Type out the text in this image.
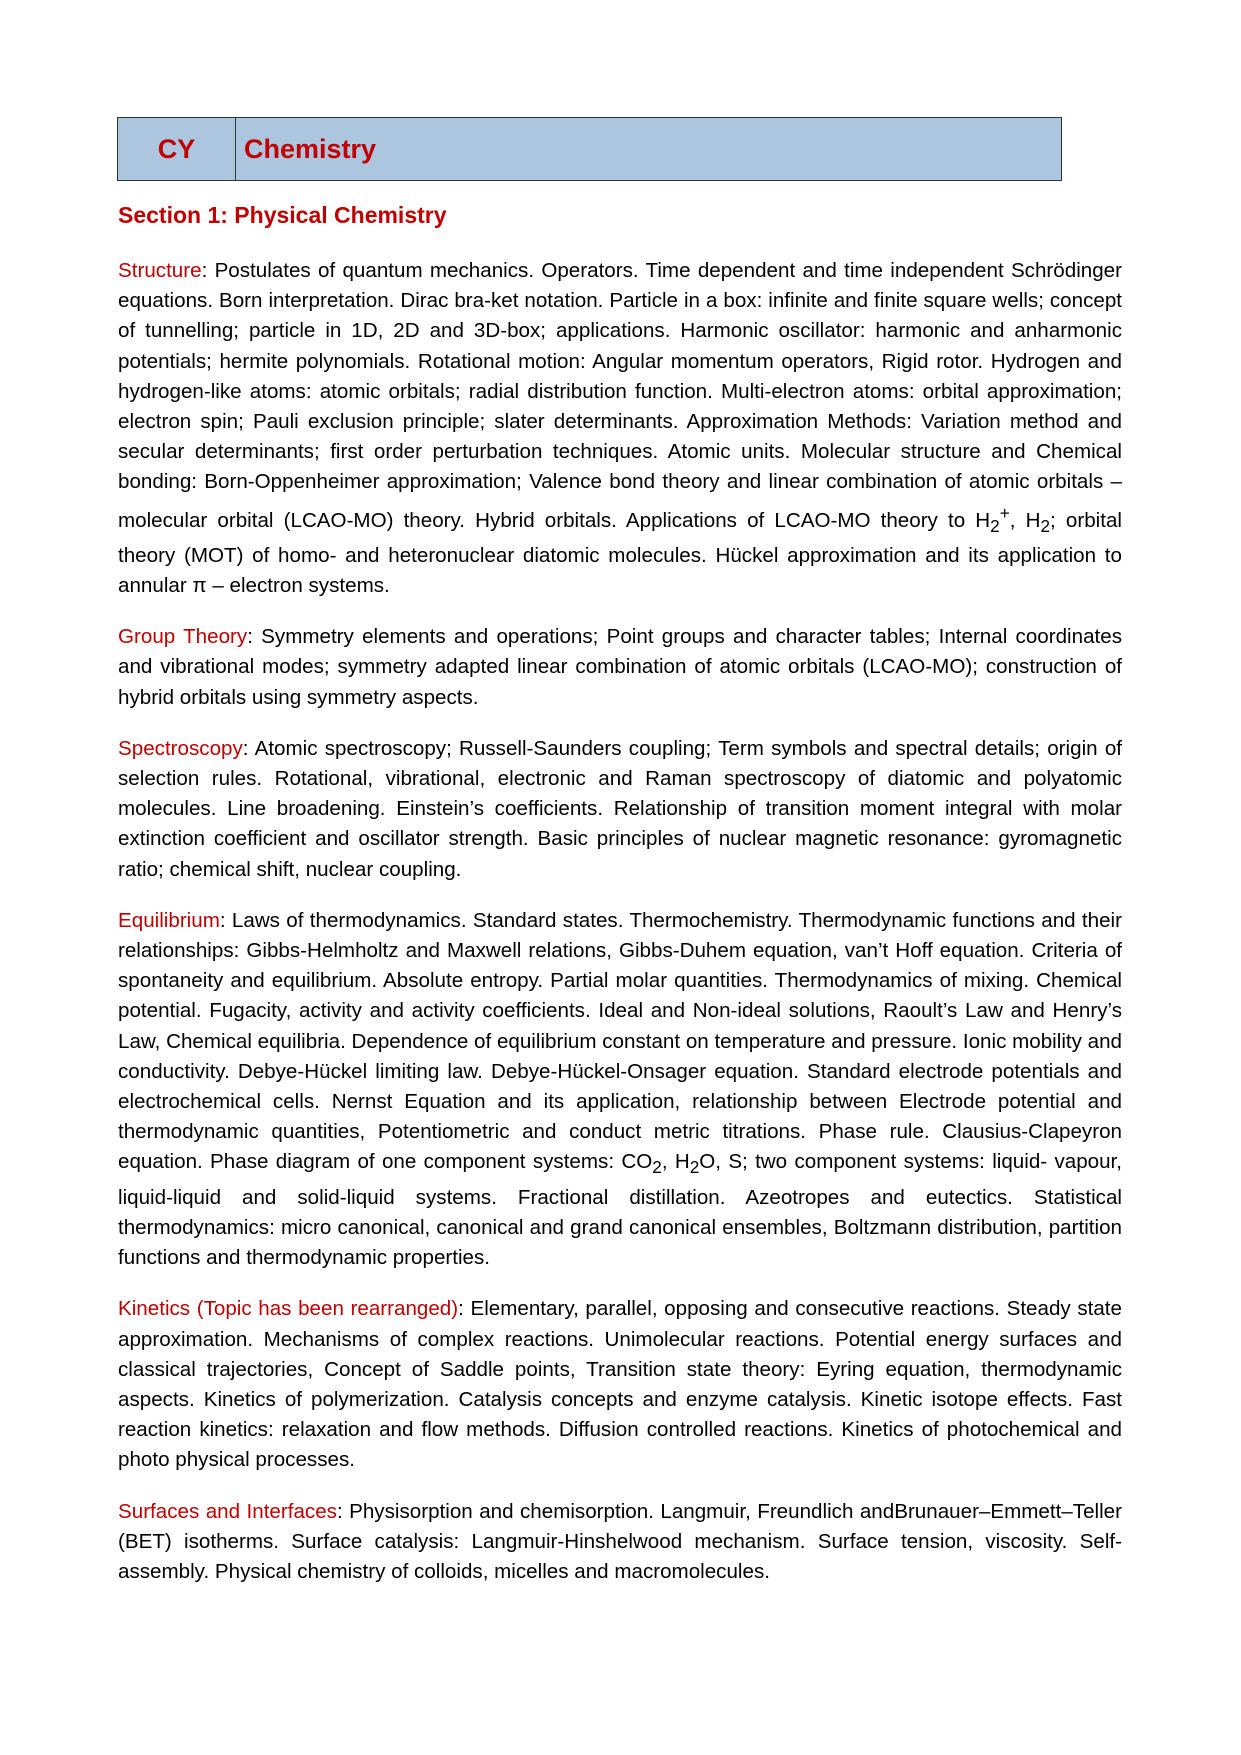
CY	Chemistry
Section 1: Physical Chemistry

Structure: Postulates of quantum mechanics. Operators. Time dependent and time independent Schrödinger equations. Born interpretation. Dirac bra-ket notation. Particle in a box: infinite and finite square wells; concept of tunnelling; particle in 1D, 2D and 3D-box; applications. Harmonic oscillator: harmonic and anharmonic potentials; hermite polynomials. Rotational motion: Angular momentum operators, Rigid rotor. Hydrogen and hydrogen-like atoms: atomic orbitals; radial distribution function. Multi-electron atoms: orbital approximation; electron spin; Pauli exclusion principle; slater determinants. Approximation Methods: Variation method and secular determinants; first order perturbation techniques. Atomic units. Molecular structure and Chemical bonding: Born-Oppenheimer approximation; Valence bond theory and linear combination of atomic orbitals – molecular orbital (LCAO-MO) theory. Hybrid orbitals. Applications of LCAO-MO theory to $H_2^+$, $H_2$; orbital theory (MOT) of homo- and heteronuclear diatomic molecules. Hückel approximation and its application to annular π – electron systems.

Group Theory: Symmetry elements and operations; Point groups and character tables; Internal coordinates and vibrational modes; symmetry adapted linear combination of atomic orbitals (LCAO-MO); construction of hybrid orbitals using symmetry aspects.

Spectroscopy: Atomic spectroscopy; Russell-Saunders coupling; Term symbols and spectral details; origin of selection rules. Rotational, vibrational, electronic and Raman spectroscopy of diatomic and polyatomic molecules. Line broadening. Einstein’s coefficients. Relationship of transition moment integral with molar extinction coefficient and oscillator strength. Basic principles of nuclear magnetic resonance: gyromagnetic ratio; chemical shift, nuclear coupling.

Equilibrium: Laws of thermodynamics. Standard states. Thermochemistry. Thermodynamic functions and their relationships: Gibbs-Helmholtz and Maxwell relations, Gibbs-Duhem equation, van’t Hoff equation. Criteria of spontaneity and equilibrium. Absolute entropy. Partial molar quantities. Thermodynamics of mixing. Chemical potential. Fugacity, activity and activity coefficients. Ideal and Non-ideal solutions, Raoult’s Law and Henry’s Law, Chemical equilibria. Dependence of equilibrium constant on temperature and pressure. Ionic mobility and conductivity. Debye-Hückel limiting law. Debye-Hückel-Onsager equation. Standard electrode potentials and electrochemical cells. Nernst Equation and its application, relationship between Electrode potential and thermodynamic quantities, Potentiometric and conduct metric titrations. Phase rule. Clausius-Clapeyron equation. Phase diagram of one component systems: $CO_2$, $H_2O$, S; two component systems: liquid- vapour, liquid-liquid and solid-liquid systems. Fractional distillation. Azeotropes and eutectics. Statistical thermodynamics: micro canonical, canonical and grand canonical ensembles, Boltzmann distribution, partition functions and thermodynamic properties.

Kinetics (Topic has been rearranged): Elementary, parallel, opposing and consecutive reactions. Steady state approximation. Mechanisms of complex reactions. Unimolecular reactions. Potential energy surfaces and classical trajectories, Concept of Saddle points, Transition state theory: Eyring equation, thermodynamic aspects. Kinetics of polymerization. Catalysis concepts and enzyme catalysis. Kinetic isotope effects. Fast reaction kinetics: relaxation and flow methods. Diffusion controlled reactions. Kinetics of photochemical and photo physical processes.

Surfaces and Interfaces: Physisorption and chemisorption. Langmuir, Freundlich andBrunauer–Emmett–Teller (BET) isotherms. Surface catalysis: Langmuir-Hinshelwood mechanism. Surface tension, viscosity. Self-assembly. Physical chemistry of colloids, micelles and macromolecules.
